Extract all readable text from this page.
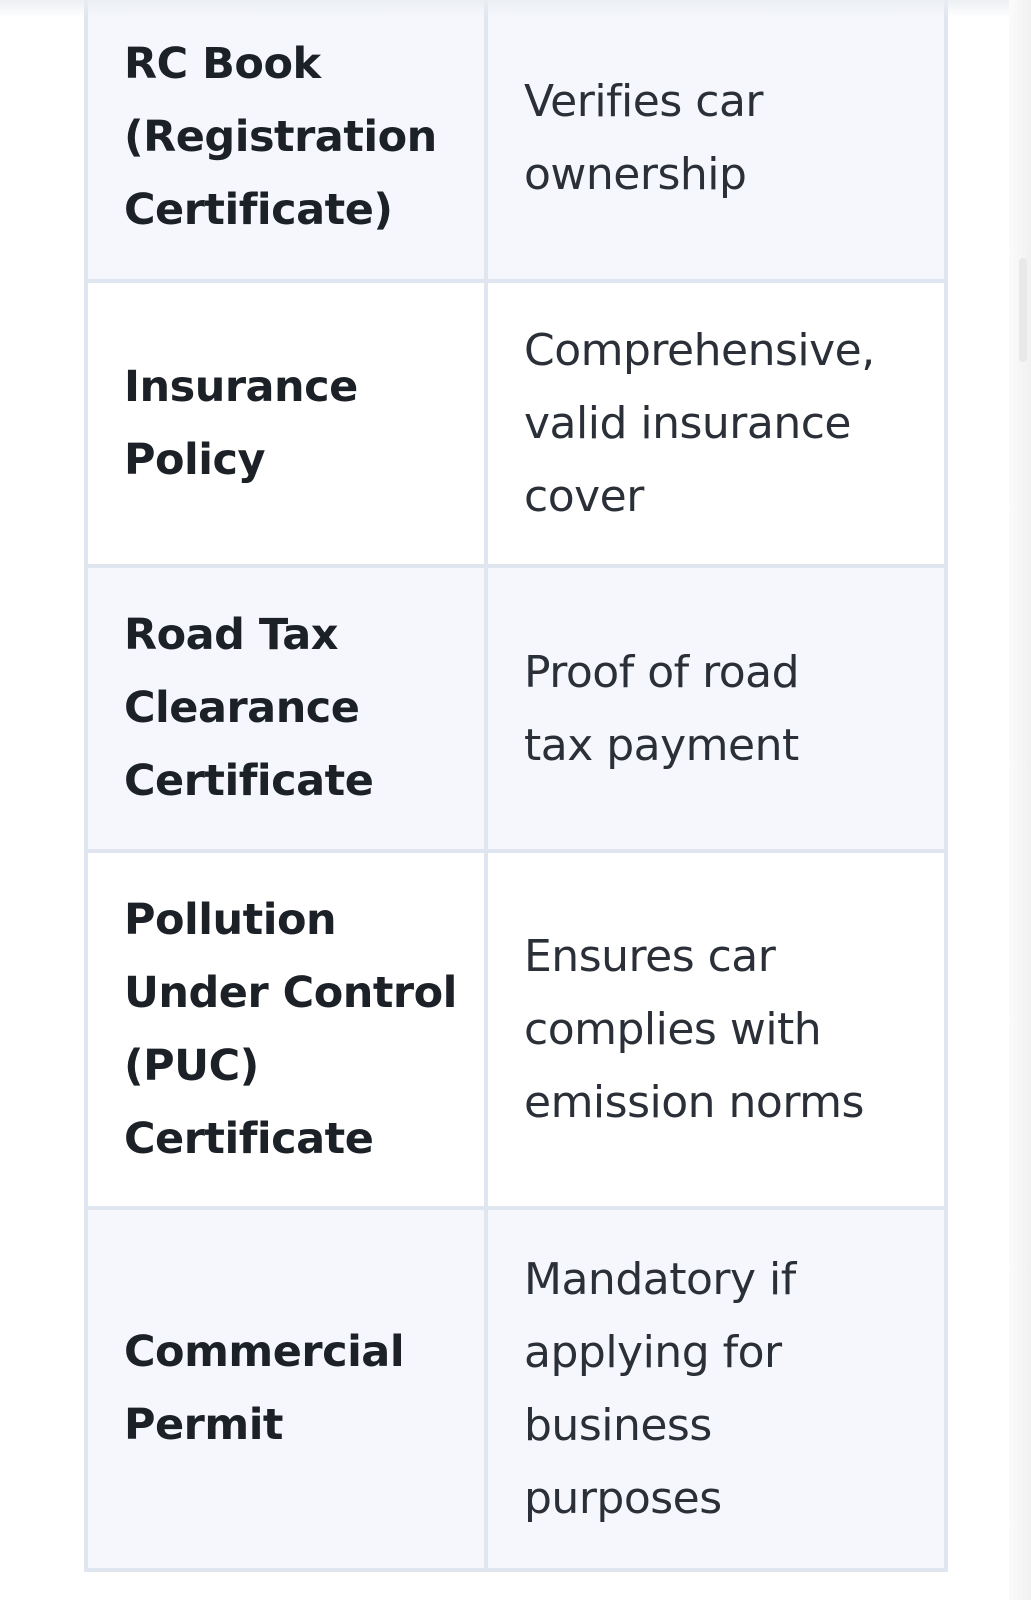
RC Book
(Registration
Certificate)
Verifies car
ownership
Insurance
Policy
Comprehensive,
valid insurance
cover
Road Tax
Clearance
Certificate
Proof of road
tax payment
Pollution
Under Control
(PUC)
Certificate
Ensures car
complies with
emission norms
Commercial
Permit
Mandatory if
applying for
business
purposes
